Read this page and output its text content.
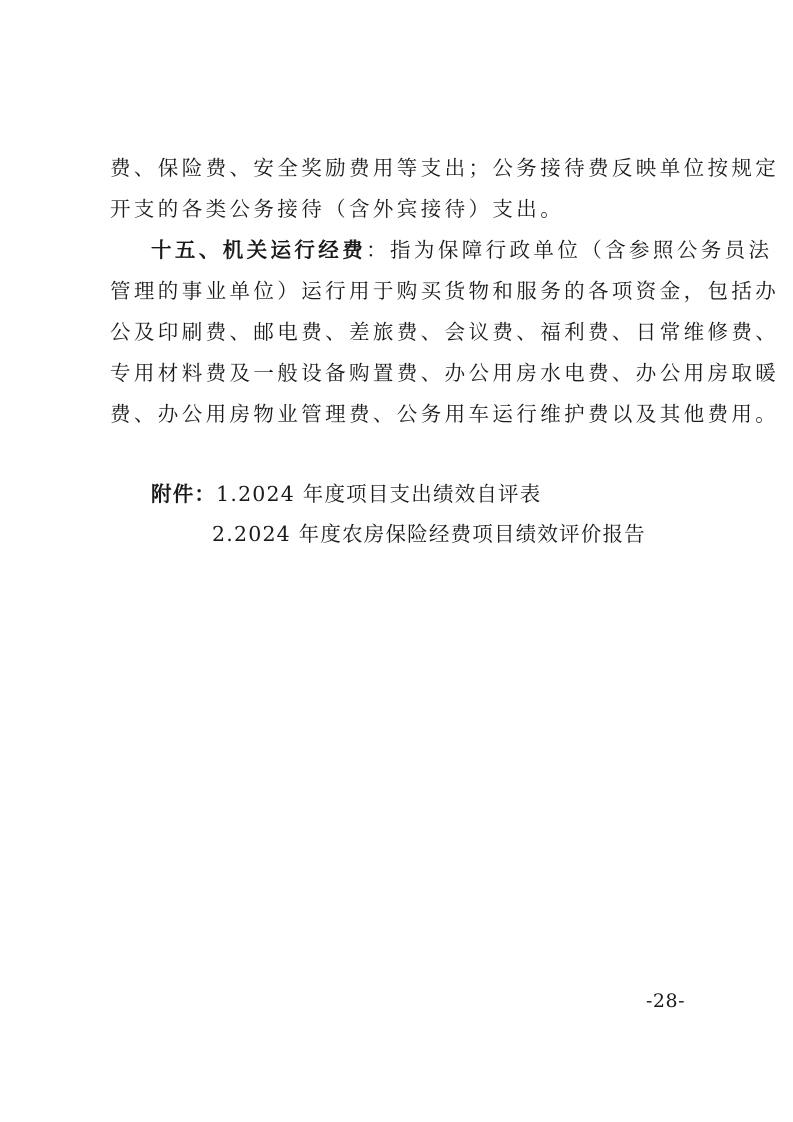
费、保险费、安全奖励费用等支出；公务接待费反映单位按规定
开支的各类公务接待（含外宾接待）支出。
十五、机关运行经费：指为保障行政单位（含参照公务员法
管理的事业单位）运行用于购买货物和服务的各项资金，包括办
公及印刷费、邮电费、差旅费、会议费、福利费、日常维修费、
专用材料费及一般设备购置费、办公用房水电费、办公用房取暖
费、办公用房物业管理费、公务用车运行维护费以及其他费用。
附件：1.2024 年度项目支出绩效自评表
2.2024 年度农房保险经费项目绩效评价报告
-28-
